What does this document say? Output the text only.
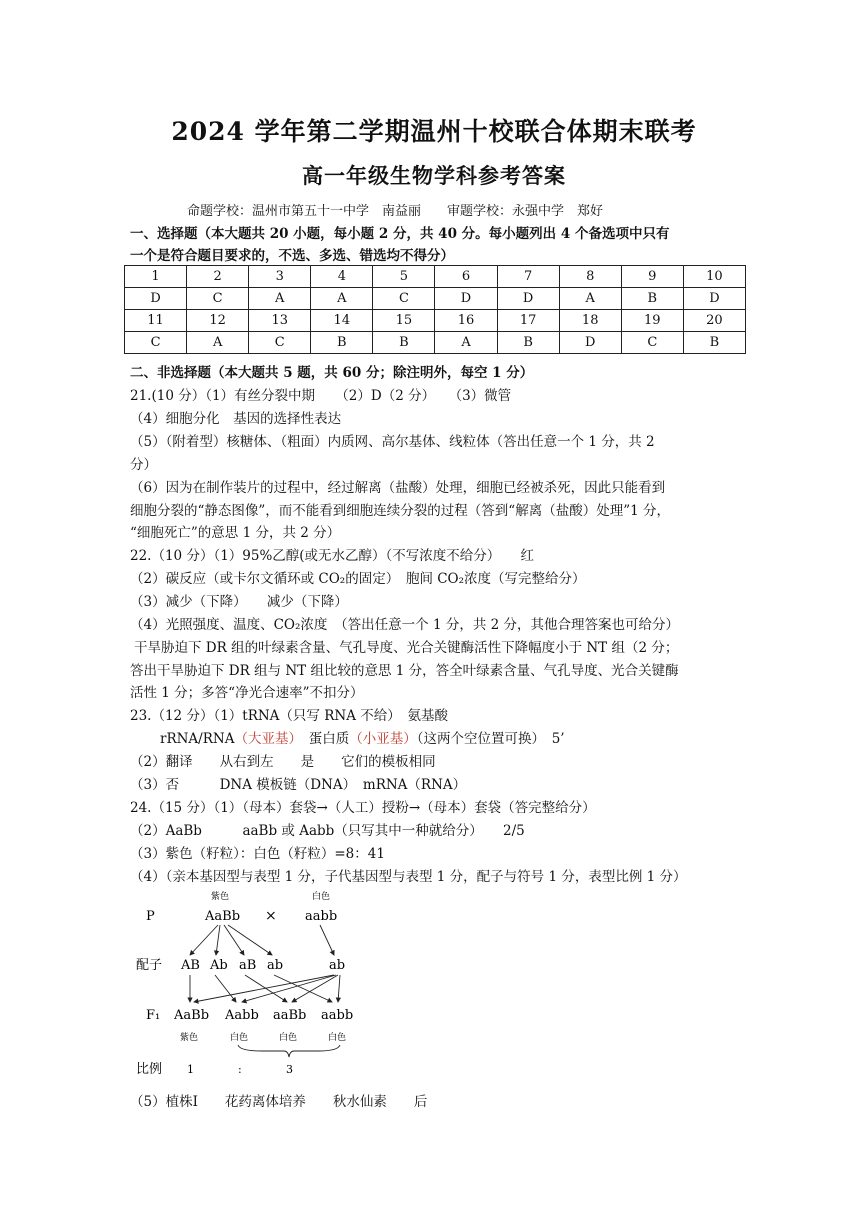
2024 学年第二学期温州十校联合体期末联考
高一年级生物学科参考答案
命题学校：温州市第五十一中学　南益丽　　审题学校：永强中学　郑好
一、选择题（本大题共 20 小题，每小题 2 分，共 40 分。每小题列出 4 个备选项中只有
一个是符合题目要求的，不选、多选、错选均不得分）
1	2	3	4	5	6	7	8	9	10
D	C	A	A	C	D	D	A	B	D
11	12	13	14	15	16	17	18	19	20
C	A	C	B	B	A	B	D	C	B
二、非选择题（本大题共 5 题，共 60 分；除注明外，每空 1 分）
21.(10 分）（1）有丝分裂中期　　（2）D（2 分）　　（3）微管
（4）细胞分化　基因的选择性表达
（5）（附着型）核糖体、（粗面）内质网、高尔基体、线粒体（答出任意一个 1 分，共 2
分）
（6）因为在制作装片的过程中，经过解离（盐酸）处理，细胞已经被杀死，因此只能看到
细胞分裂的“静态图像”，而不能看到细胞连续分裂的过程（答到“解离（盐酸）处理”1 分，
“细胞死亡”的意思 1 分，共 2 分）
22.（10 分）（1）95%乙醇(或无水乙醇）（不写浓度不给分）　　红
（2）碳反应（或卡尔文循环或 CO₂的固定）　胞间 CO₂浓度（写完整给分）
（3）减少（下降）　　减少（下降）
（4）光照强度、温度、CO₂浓度　（答出任意一个 1 分，共 2 分，其他合理答案也可给分）
干旱胁迫下 DR 组的叶绿素含量、气孔导度、光合关键酶活性下降幅度小于 NT 组（2 分；
答出干旱胁迫下 DR 组与 NT 组比较的意思 1 分，答全叶绿素含量、气孔导度、光合关键酶
活性 1 分；多答“净光合速率”不扣分）
23.（12 分）（1）tRNA（只写 RNA 不给）　氨基酸
rRNA/RNA（大亚基）　蛋白质（小亚基）（这两个空位置可换）　5’
（2）翻译　　从右到左　　是　　它们的模板相同
（3）否　　　DNA 模板链（DNA）　mRNA（RNA）
24.（15 分）（1）（母本）套袋→（人工）授粉→（母本）套袋（答完整给分）
（2）AaBb　　　aaBb 或 Aabb（只写其中一种就给分）　　2/5
（3）紫色（籽粒）：白色（籽粒）=8：41
（4）（亲本基因型与表型 1 分，子代基因型与表型 1 分，配子与符号 1 分，表型比例 1 分）
P
紫色
AaBb ×
白色
aabb
配子 AB Ab aB ab	ab
F₁ AaBb Aabb aaBb aabb
紫色	白色	白色	白色
比例 1	:	3
（5）植株Ⅰ　　花药离体培养　　秋水仙素　　后
